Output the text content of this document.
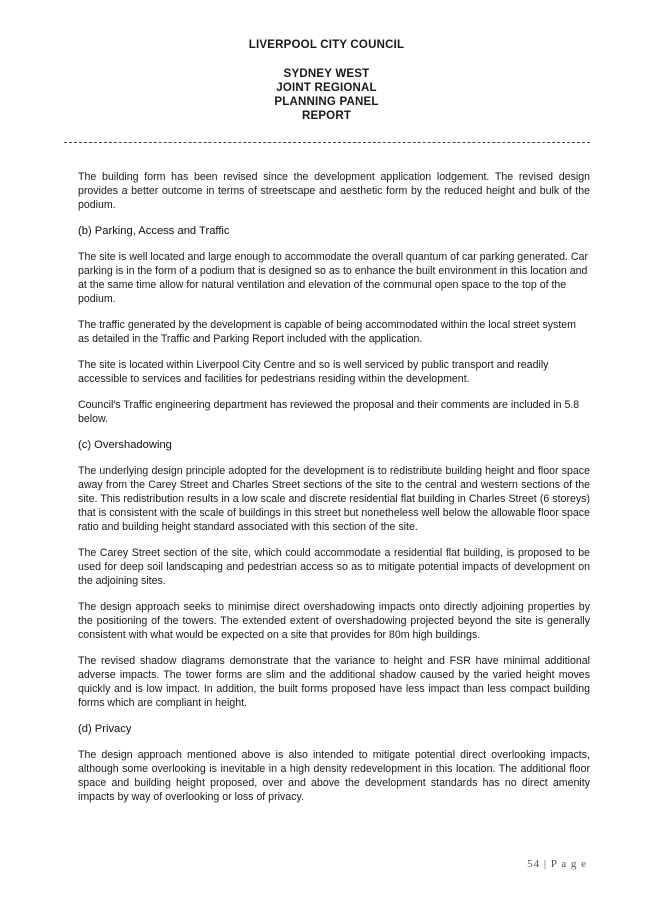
LIVERPOOL CITY COUNCIL
SYDNEY WEST
JOINT REGIONAL
PLANNING PANEL
REPORT

The building form has been revised since the development application lodgement. The revised design provides a better outcome in terms of streetscape and aesthetic form by the reduced height and bulk of the podium.

(b) Parking, Access and Traffic

The site is well located and large enough to accommodate the overall quantum of car parking generated. Car parking is in the form of a podium that is designed so as to enhance the built environment in this location and at the same time allow for natural ventilation and elevation of the communal open space to the top of the podium.

The traffic generated by the development is capable of being accommodated within the local street system as detailed in the Traffic and Parking Report included with the application.

The site is located within Liverpool City Centre and so is well serviced by public transport and readily accessible to services and facilities for pedestrians residing within the development.

Council's Traffic engineering department has reviewed the proposal and their comments are included in 5.8 below.

(c) Overshadowing

The underlying design principle adopted for the development is to redistribute building height and floor space away from the Carey Street and Charles Street sections of the site to the central and western sections of the site. This redistribution results in a low scale and discrete residential flat building in Charles Street (6 storeys) that is consistent with the scale of buildings in this street but nonetheless well below the allowable floor space ratio and building height standard associated with this section of the site.

The Carey Street section of the site, which could accommodate a residential flat building, is proposed to be used for deep soil landscaping and pedestrian access so as to mitigate potential impacts of development on the adjoining sites.

The design approach seeks to minimise direct overshadowing impacts onto directly adjoining properties by the positioning of the towers. The extended extent of overshadowing projected beyond the site is generally consistent with what would be expected on a site that provides for 80m high buildings.

The revised shadow diagrams demonstrate that the variance to height and FSR have minimal additional adverse impacts. The tower forms are slim and the additional shadow caused by the varied height moves quickly and is low impact. In addition, the built forms proposed have less impact than less compact building forms which are compliant in height.

(d) Privacy

The design approach mentioned above is also intended to mitigate potential direct overlooking impacts, although some overlooking is inevitable in a high density redevelopment in this location. The additional floor space and building height proposed, over and above the development standards has no direct amenity impacts by way of overlooking or loss of privacy.

54 | P a g e
